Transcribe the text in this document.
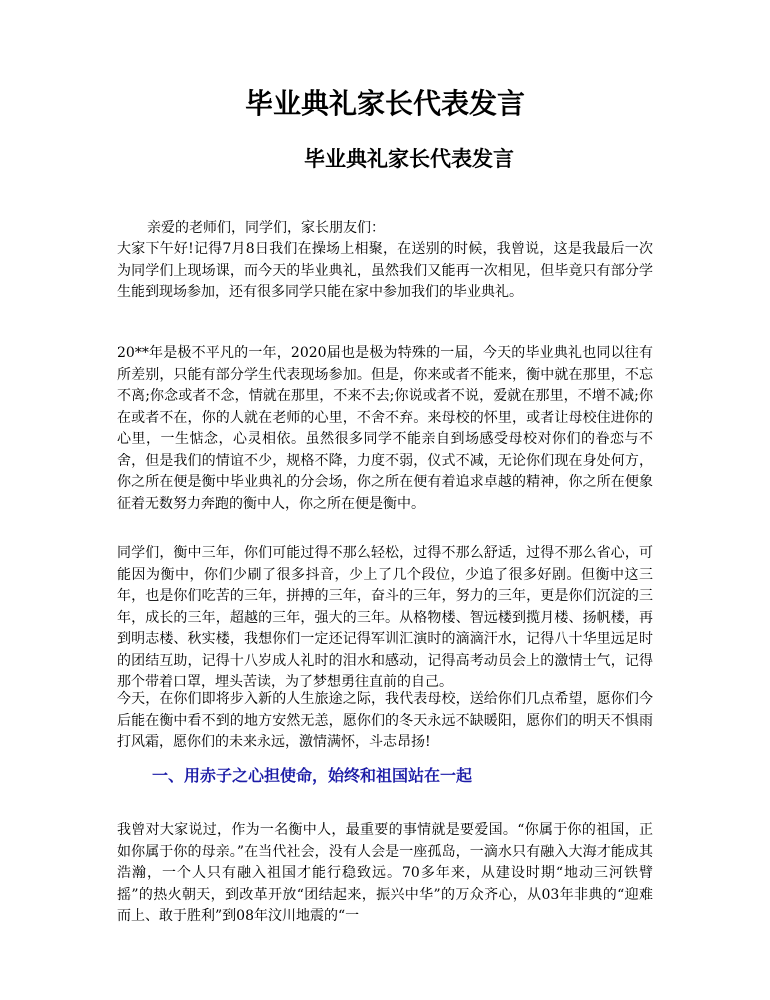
毕业典礼家长代表发言
毕业典礼家长代表发言

亲爱的老师们，同学们，家长朋友们：

大家下午好!记得7月8日我们在操场上相聚，在送别的时候，我曾说，这是我最后一次为同学们上现场课，而今天的毕业典礼，虽然我们又能再一次相见，但毕竟只有部分学生能到现场参加，还有很多同学只能在家中参加我们的毕业典礼。

20**年是极不平凡的一年，2020届也是极为特殊的一届，今天的毕业典礼也同以往有所差别，只能有部分学生代表现场参加。但是，你来或者不能来，衡中就在那里，不忘不离;你念或者不念，情就在那里，不来不去;你说或者不说，爱就在那里，不增不减;你在或者不在，你的人就在老师的心里，不舍不弃。来母校的怀里，或者让母校住进你的心里，一生惦念，心灵相依。虽然很多同学不能亲自到场感受母校对你们的眷恋与不舍，但是我们的情谊不少，规格不降，力度不弱，仪式不减，无论你们现在身处何方，你之所在便是衡中毕业典礼的分会场，你之所在便有着追求卓越的精神，你之所在便象征着无数努力奔跑的衡中人，你之所在便是衡中。

同学们，衡中三年，你们可能过得不那么轻松，过得不那么舒适，过得不那么省心，可能因为衡中，你们少刷了很多抖音，少上了几个段位，少追了很多好剧。但衡中这三年，也是你们吃苦的三年，拼搏的三年，奋斗的三年，努力的三年，更是你们沉淀的三年，成长的三年，超越的三年，强大的三年。从格物楼、智远楼到揽月楼、扬帆楼，再到明志楼、秋实楼，我想你们一定还记得军训汇演时的滴滴汗水，记得八十华里远足时的团结互助，记得十八岁成人礼时的泪水和感动，记得高考动员会上的激情士气，记得那个带着口罩，埋头苦读，为了梦想勇往直前的自己。

今天，在你们即将步入新的人生旅途之际，我代表母校，送给你们几点希望，愿你们今后能在衡中看不到的地方安然无恙，愿你们的冬天永远不缺暖阳，愿你们的明天不惧雨打风霜，愿你们的未来永远，激情满怀，斗志昂扬!

一、用赤子之心担使命，始终和祖国站在一起

我曾对大家说过，作为一名衡中人，最重要的事情就是要爱国。“你属于你的祖国，正如你属于你的母亲。”在当代社会，没有人会是一座孤岛，一滴水只有融入大海才能成其浩瀚，一个人只有融入祖国才能行稳致远。70多年来，从建设时期“地动三河铁臂摇”的热火朝天，到改革开放“团结起来，振兴中华”的万众齐心，从03年非典的“迎难而上、敢于胜利”到08年汶川地震的“一
